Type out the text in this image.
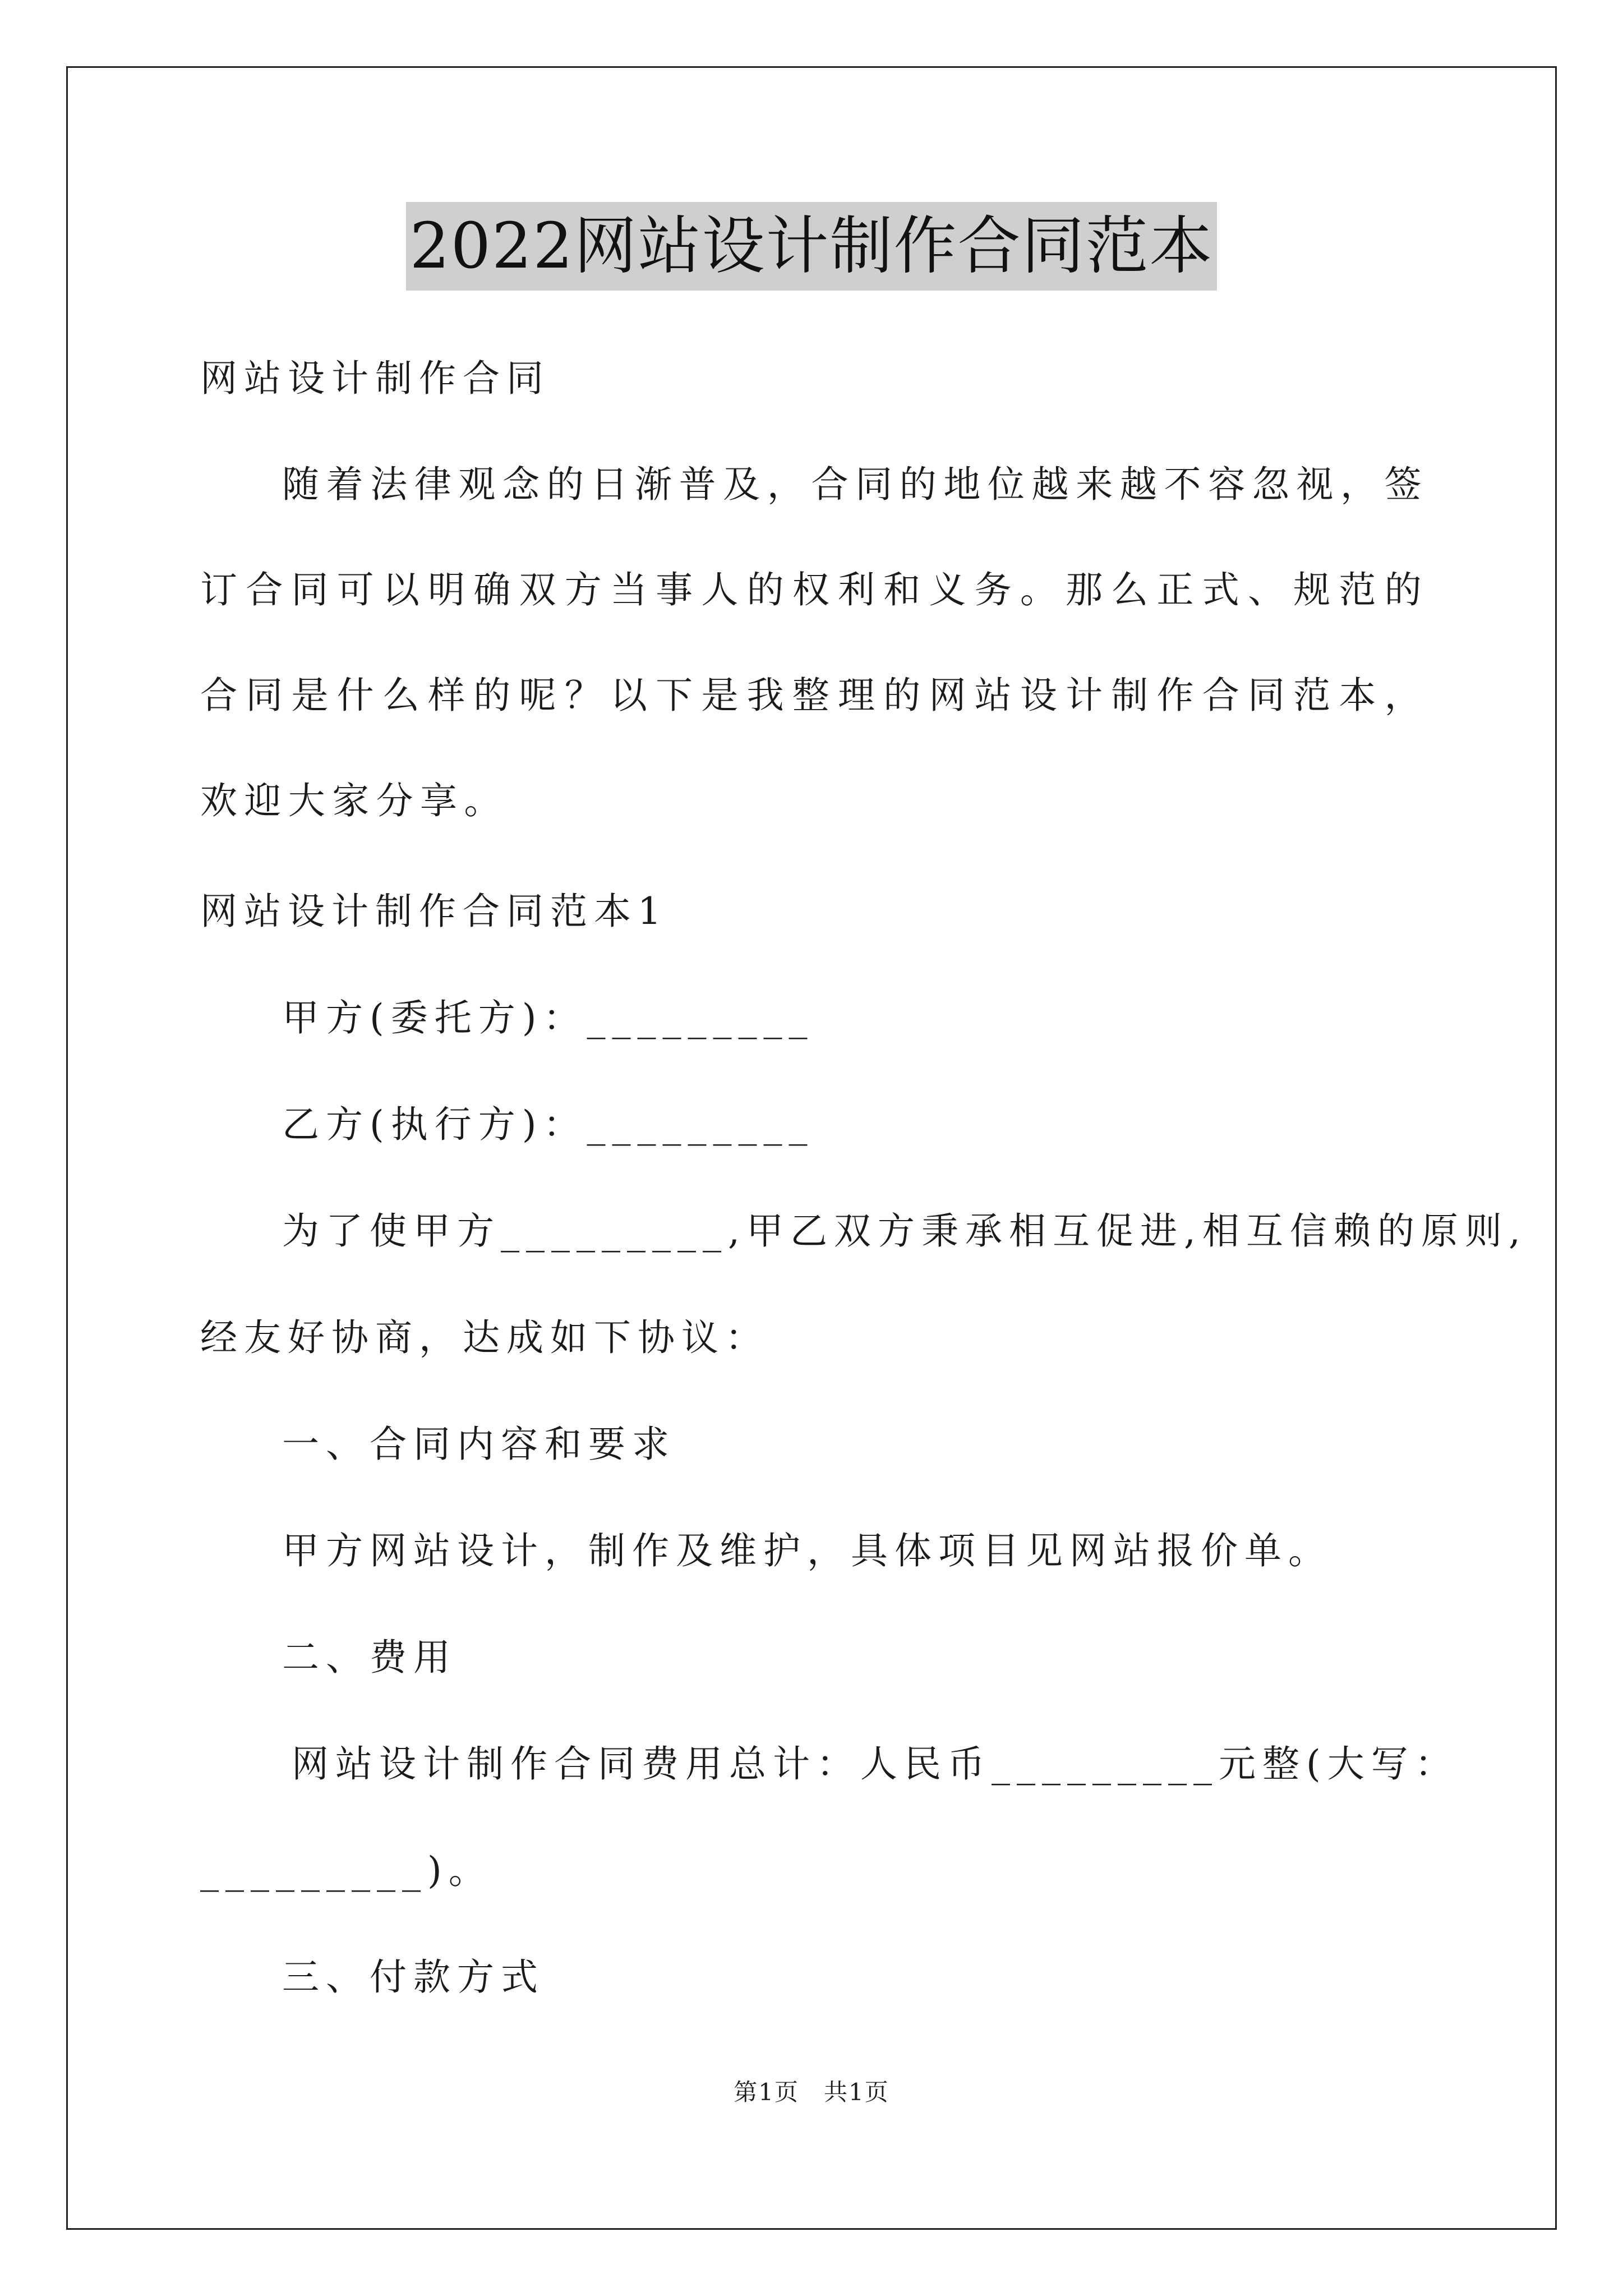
2022网站设计制作合同范本
网站设计制作合同
随着法律观念的日渐普及，合同的地位越来越不容忽视，签订合同可以明确双方当事人的权利和义务。那么正式、规范的合同是什么样的呢？以下是我整理的网站设计制作合同范本，欢迎大家分享。
网站设计制作合同范本1
甲方(委托方)：_________
乙方(执行方)：_________
为了使甲方_________,甲乙双方秉承相互促进,相互信赖的原则,
经友好协商，达成如下协议：
一、合同内容和要求
甲方网站设计，制作及维护，具体项目见网站报价单。
二、费用
网站设计制作合同费用总计：人民币_________元整(大写：
_________)。
三、付款方式
第1页　共1页
